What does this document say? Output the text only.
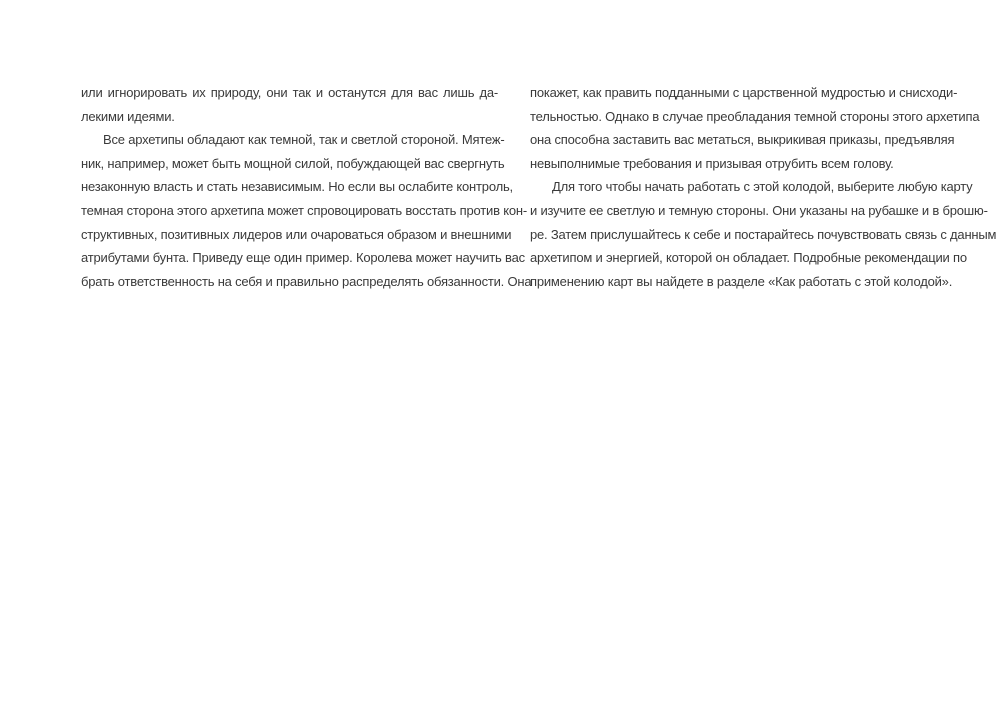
или игнорировать их природу, они так и останутся для вас лишь да-
лекими идеями.
Все архетипы обладают как темной, так и светлой стороной. Мятеж-
ник, например, может быть мощной силой, побуждающей вас свергнуть
незаконную власть и стать независимым. Но если вы ослабите контроль,
темная сторона этого архетипа может спровоцировать восстать против кон-
структивных, позитивных лидеров или очароваться образом и внешними
атрибутами бунта. Приведу еще один пример. Королева может научить вас
брать ответственность на себя и правильно распределять обязанности. Она
покажет, как править подданными с царственной мудростью и снисходи-
тельностью. Однако в случае преобладания темной стороны этого архетипа
она способна заставить вас метаться, выкрикивая приказы, предъявляя
невыполнимые требования и призывая отрубить всем голову.
Для того чтобы начать работать с этой колодой, выберите любую карту
и изучите ее светлую и темную стороны. Они указаны на рубашке и в брошю-
ре. Затем прислушайтесь к себе и постарайтесь почувствовать связь с данным
архетипом и энергией, которой он обладает. Подробные рекомендации по
применению карт вы найдете в разделе «Как работать с этой колодой».
